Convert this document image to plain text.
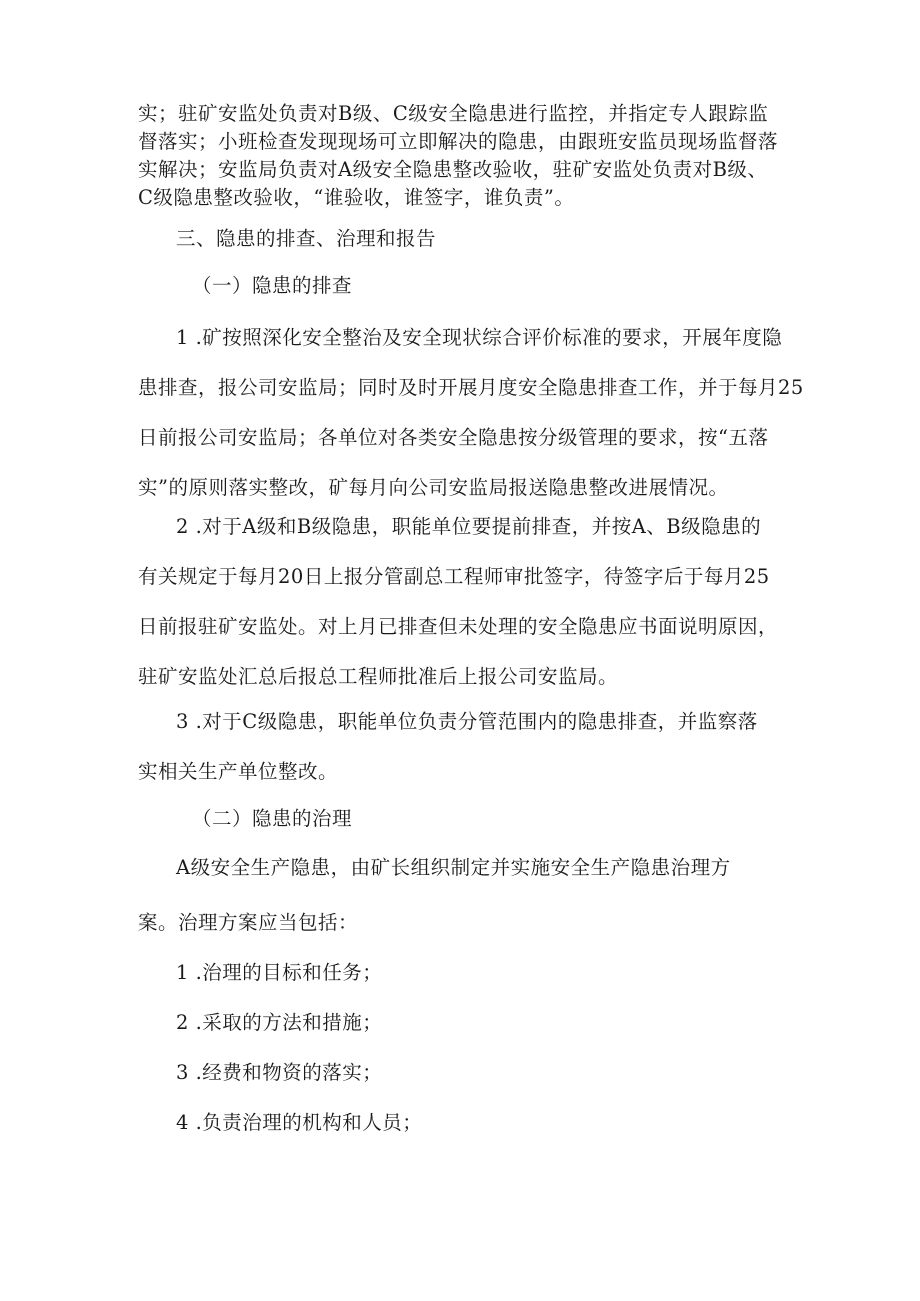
实；驻矿安监处负责对B级、C级安全隐患进行监控，并指定专人跟踪监
督落实；小班检查发现现场可立即解决的隐患，由跟班安监员现场监督落
实解决；安监局负责对A级安全隐患整改验收，驻矿安监处负责对B级、
C级隐患整改验收，“谁验收，谁签字，谁负责”。

三、隐患的排查、治理和报告

（一）隐患的排查

1 .矿按照深化安全整治及安全现状综合评价标准的要求，开展年度隐
患排查，报公司安监局；同时及时开展月度安全隐患排查工作，并于每月25
日前报公司安监局；各单位对各类安全隐患按分级管理的要求，按“五落
实”的原则落实整改，矿每月向公司安监局报送隐患整改进展情况。
2 .对于A级和B级隐患，职能单位要提前排查，并按A、B级隐患的
有关规定于每月20日上报分管副总工程师审批签字，待签字后于每月25
日前报驻矿安监处。对上月已排查但未处理的安全隐患应书面说明原因，
驻矿安监处汇总后报总工程师批准后上报公司安监局。
3 .对于C级隐患，职能单位负责分管范围内的隐患排查，并监察落
实相关生产单位整改。

（二）隐患的治理

A级安全生产隐患，由矿长组织制定并实施安全生产隐患治理方

案。治理方案应当包括：

1 .治理的目标和任务；

2 .采取的方法和措施；

3 .经费和物资的落实；

4 .负责治理的机构和人员；
